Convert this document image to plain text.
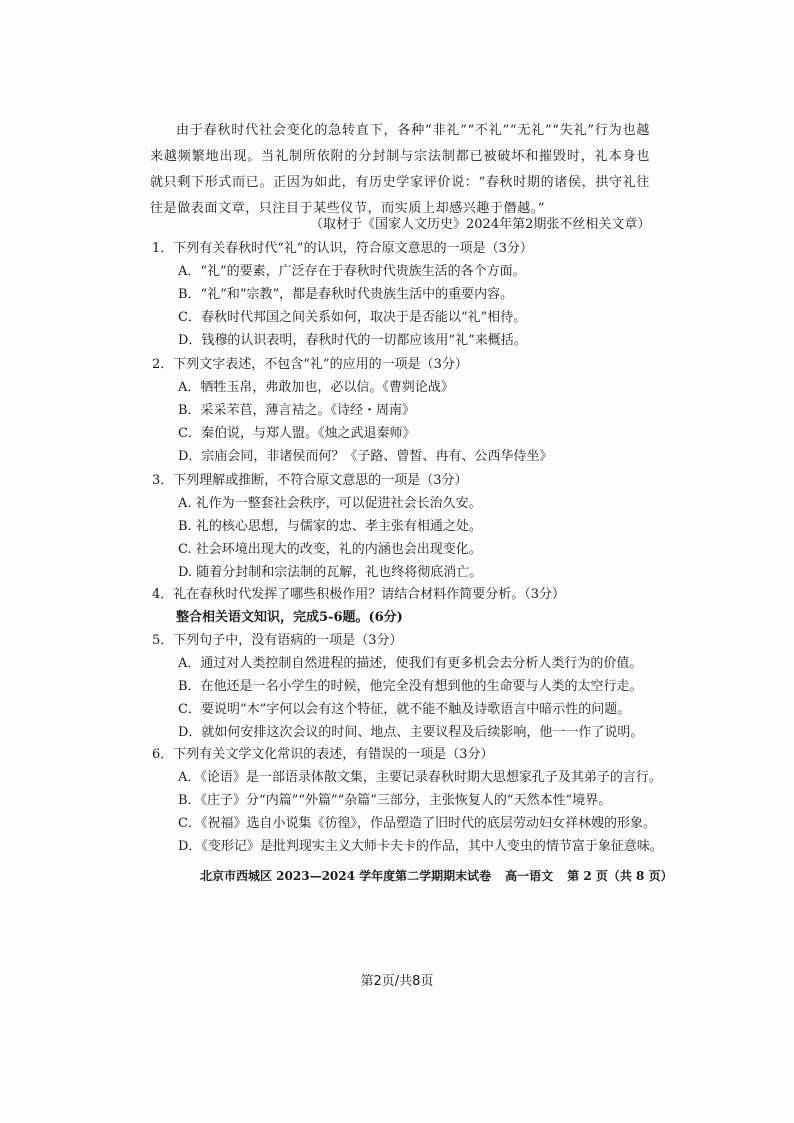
由于春秋时代社会变化的急转直下，各种“非礼”“不礼”“无礼”“失礼”行为也越来越频繁地出现。当礼制所依附的分封制与宗法制都已被破坏和摧毁时，礼本身也就只剩下形式而已。正因为如此，有历史学家评价说：“春秋时期的诸侯，拱守礼往往是做表面文章，只注目于某些仪节，而实质上却感兴趣于僭越。”

（取材于《国家人文历史》2024年第2期张不丝相关文章）
1．下列有关春秋时代“礼”的认识，符合原文意思的一项是（3分）
A．“礼”的要素，广泛存在于春秋时代贵族生活的各个方面。
B．“礼”和“宗教”，都是春秋时代贵族生活中的重要内容。
C．春秋时代邦国之间关系如何，取决于是否能以“礼”相待。
D．钱穆的认识表明，春秋时代的一切都应该用“礼”来概括。
2．下列文字表述，不包含“礼”的应用的一项是（3分）
A．牺牲玉帛，弗敢加也，必以信。《曹刿论战》
B．采采芣苢，薄言袺之。《诗经・周南》
C．秦伯说，与郑人盟。《烛之武退秦师》
D．宗庙会同，非诸侯而何？《子路、曾皙、冉有、公西华侍坐》
3．下列理解或推断，不符合原文意思的一项是（3分）
A. 礼作为一整套社会秩序，可以促进社会长治久安。
B. 礼的核心思想，与儒家的忠、孝主张有相通之处。
C. 社会环境出现大的改变，礼的内涵也会出现变化。
D. 随着分封制和宗法制的瓦解，礼也终将彻底消亡。
4．礼在春秋时代发挥了哪些积极作用？请结合材料作简要分析。（3分）
整合相关语文知识，完成5-6题。(6分)
5．下列句子中，没有语病的一项是（3分）
A．通过对人类控制自然进程的描述，使我们有更多机会去分析人类行为的价值。
B．在他还是一名小学生的时候，他完全没有想到他的生命要与人类的太空行走。
C．要说明“木”字何以会有这个特征，就不能不触及诗歌语言中暗示性的问题。
D．就如何安排这次会议的时间、地点、主要议程及后续影响，他一一作了说明。
6．下列有关文学文化常识的表述，有错误的一项是（3分）
A．《论语》是一部语录体散文集，主要记录春秋时期大思想家孔子及其弟子的言行。
B．《庄子》分“内篇”“外篇”“杂篇”三部分，主张恢复人的“天然本性”境界。
C．《祝福》选自小说集《彷徨》，作品塑造了旧时代的底层劳动妇女祥林嫂的形象。
D．《变形记》是批判现实主义大师卡夫卡的作品，其中人变虫的情节富于象征意味。
北京市西城区 2023—2024 学年度第二学期期末试卷 高一语文 第 2 页（共 8 页）
第2页/共8页
